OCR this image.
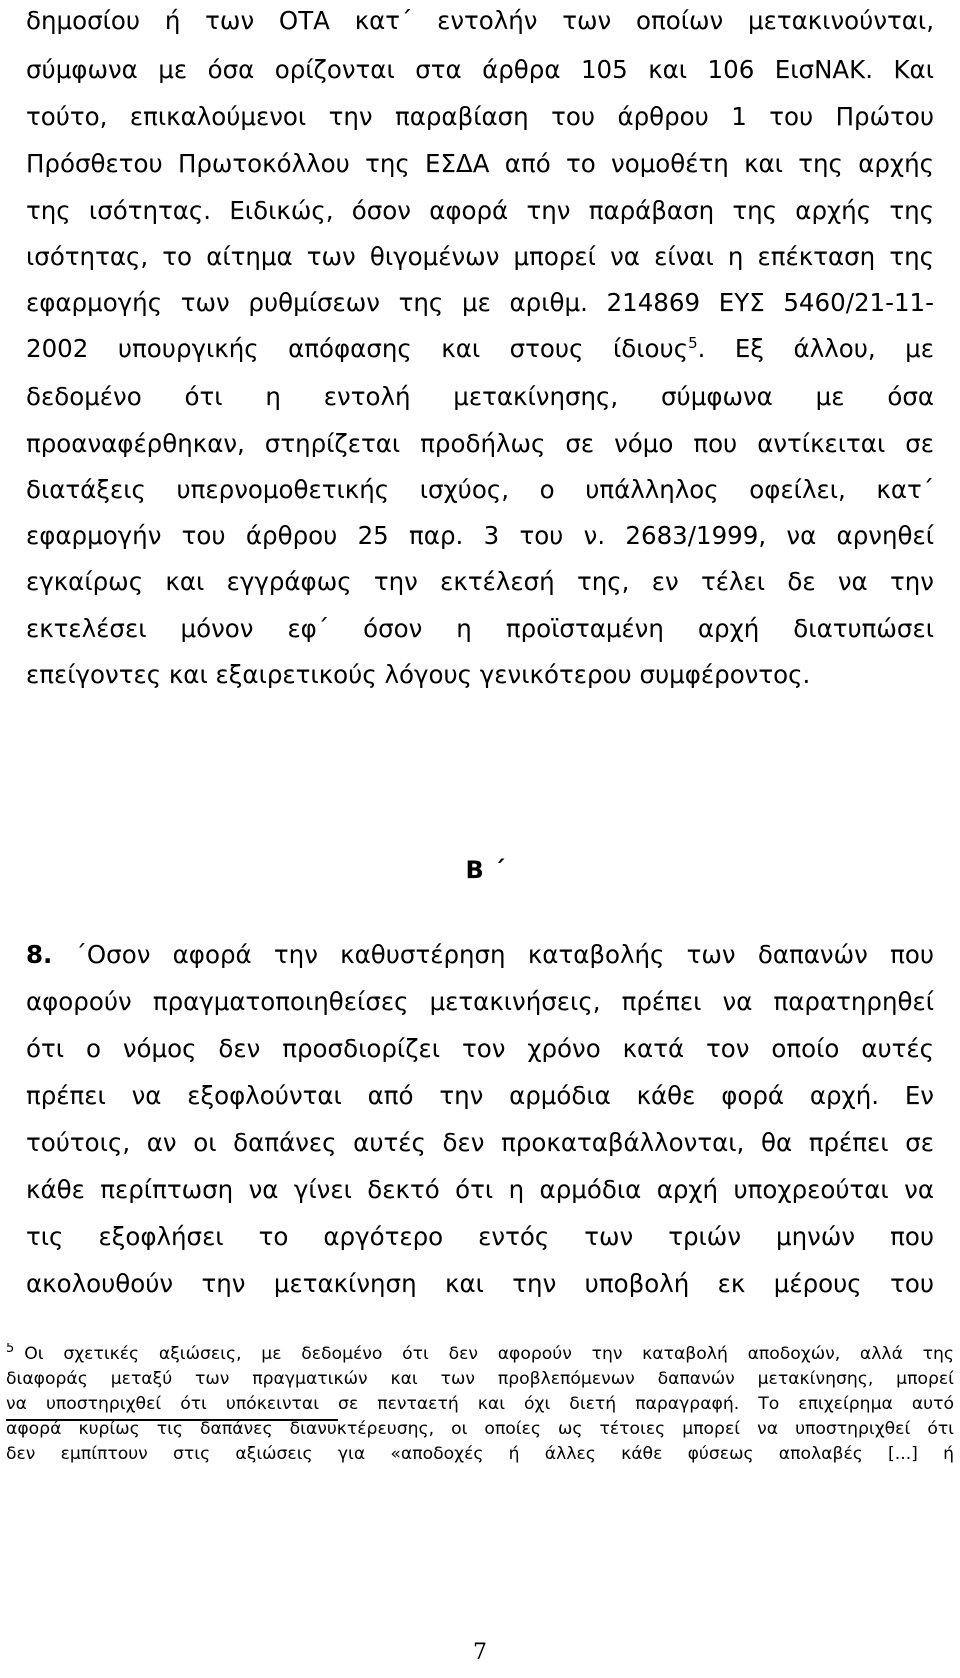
δημοσίου ή των ΟΤΑ κατ΄ εντολήν των οποίων μετακινούνται,
σύμφωνα με όσα ορίζονται στα άρθρα 105 και 106 ΕισΝΑΚ. Και
τούτο, επικαλούμενοι την παραβίαση του άρθρου 1 του Πρώτου
Πρόσθετου Πρωτοκόλλου της ΕΣΔΑ από το νομοθέτη και της αρχής
της ισότητας. Ειδικώς, όσον αφορά την παράβαση της αρχής της
ισότητας, το αίτημα των θιγομένων μπορεί να είναι η επέκταση της
εφαρμογής των ρυθμίσεων της με αριθμ. 214869 ΕΥΣ 5460/21-11-
2002 υπουργικής απόφασης και στους ίδιους$^5$. Εξ άλλου, με
δεδομένο ότι η εντολή μετακίνησης, σύμφωνα με όσα
προαναφέρθηκαν, στηρίζεται προδήλως σε νόμο που αντίκειται σε
διατάξεις υπερνομοθετικής ισχύος, ο υπάλληλος οφείλει, κατ΄
εφαρμογήν του άρθρου 25 παρ. 3 του ν. 2683/1999, να αρνηθεί
εγκαίρως και εγγράφως την εκτέλεσή της, εν τέλει δε να την
εκτελέσει μόνον εφ΄ όσον η προϊσταμένη αρχή διατυπώσει
επείγοντες και εξαιρετικούς λόγους γενικότερου συμφέροντος.
Β ΄
8. ΄Οσον αφορά την καθυστέρηση καταβολής των δαπανών που
αφορούν πραγματοποιηθείσες μετακινήσεις, πρέπει να παρατηρηθεί
ότι ο νόμος δεν προσδιορίζει τον χρόνο κατά τον οποίο αυτές
πρέπει να εξοφλούνται από την αρμόδια κάθε φορά αρχή. Εν
τούτοις, αν οι δαπάνες αυτές δεν προκαταβάλλονται, θα πρέπει σε
κάθε περίπτωση να γίνει δεκτό ότι η αρμόδια αρχή υποχρεούται να
τις εξοφλήσει το αργότερο εντός των τριών μηνών που
ακολουθούν την μετακίνηση και την υποβολή εκ μέρους του
$^5$ Οι σχετικές αξιώσεις, με δεδομένο ότι δεν αφορούν την καταβολή αποδοχών, αλλά της
διαφοράς μεταξύ των πραγματικών και των προβλεπόμενων δαπανών μετακίνησης, μπορεί
να υποστηριχθεί ότι υπόκεινται σε πενταετή και όχι διετή παραγραφή. Το επιχείρημα αυτό
αφορά κυρίως τις δαπάνες διανυκτέρευσης, οι οποίες ως τέτοιες μπορεί να υποστηριχθεί ότι
δεν εμπίπτουν στις αξιώσεις για «αποδοχές ή άλλες κάθε φύσεως απολαβές [...] ή
7
